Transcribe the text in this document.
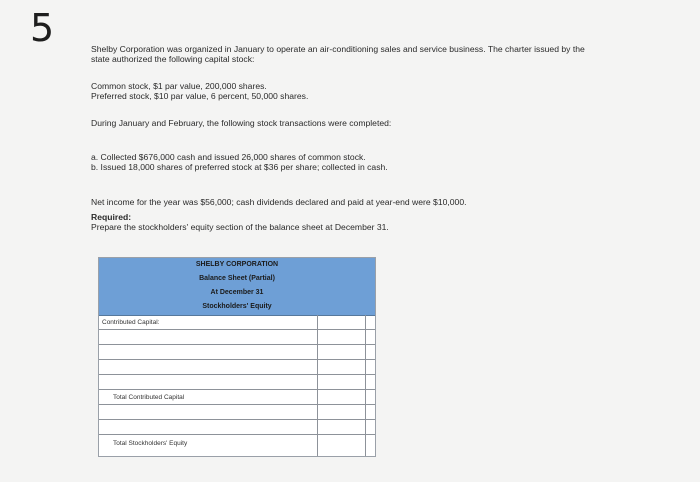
5	Shelby Corporation was organized in January to operate an air-conditioning sales and service business. The charter issued by the
state authorized the following capital stock:
Common stock, $1 par value, 200,000 shares.
Preferred stock, $10 par value, 6 percent, 50,000 shares.
During January and February, the following stock transactions were completed:
a. Collected $676,000 cash and issued 26,000 shares of common stock.
b. Issued 18,000 shares of preferred stock at $36 per share; collected in cash.
Net income for the year was $56,000; cash dividends declared and paid at year-end were $10,000.
Required:
Prepare the stockholders' equity section of the balance sheet at December 31.
SHELBY CORPORATION
Balance Sheet (Partial)
At December 31
Stockholders' Equity
Contributed Capital:
Total Contributed Capital
Total Stockholders' Equity
